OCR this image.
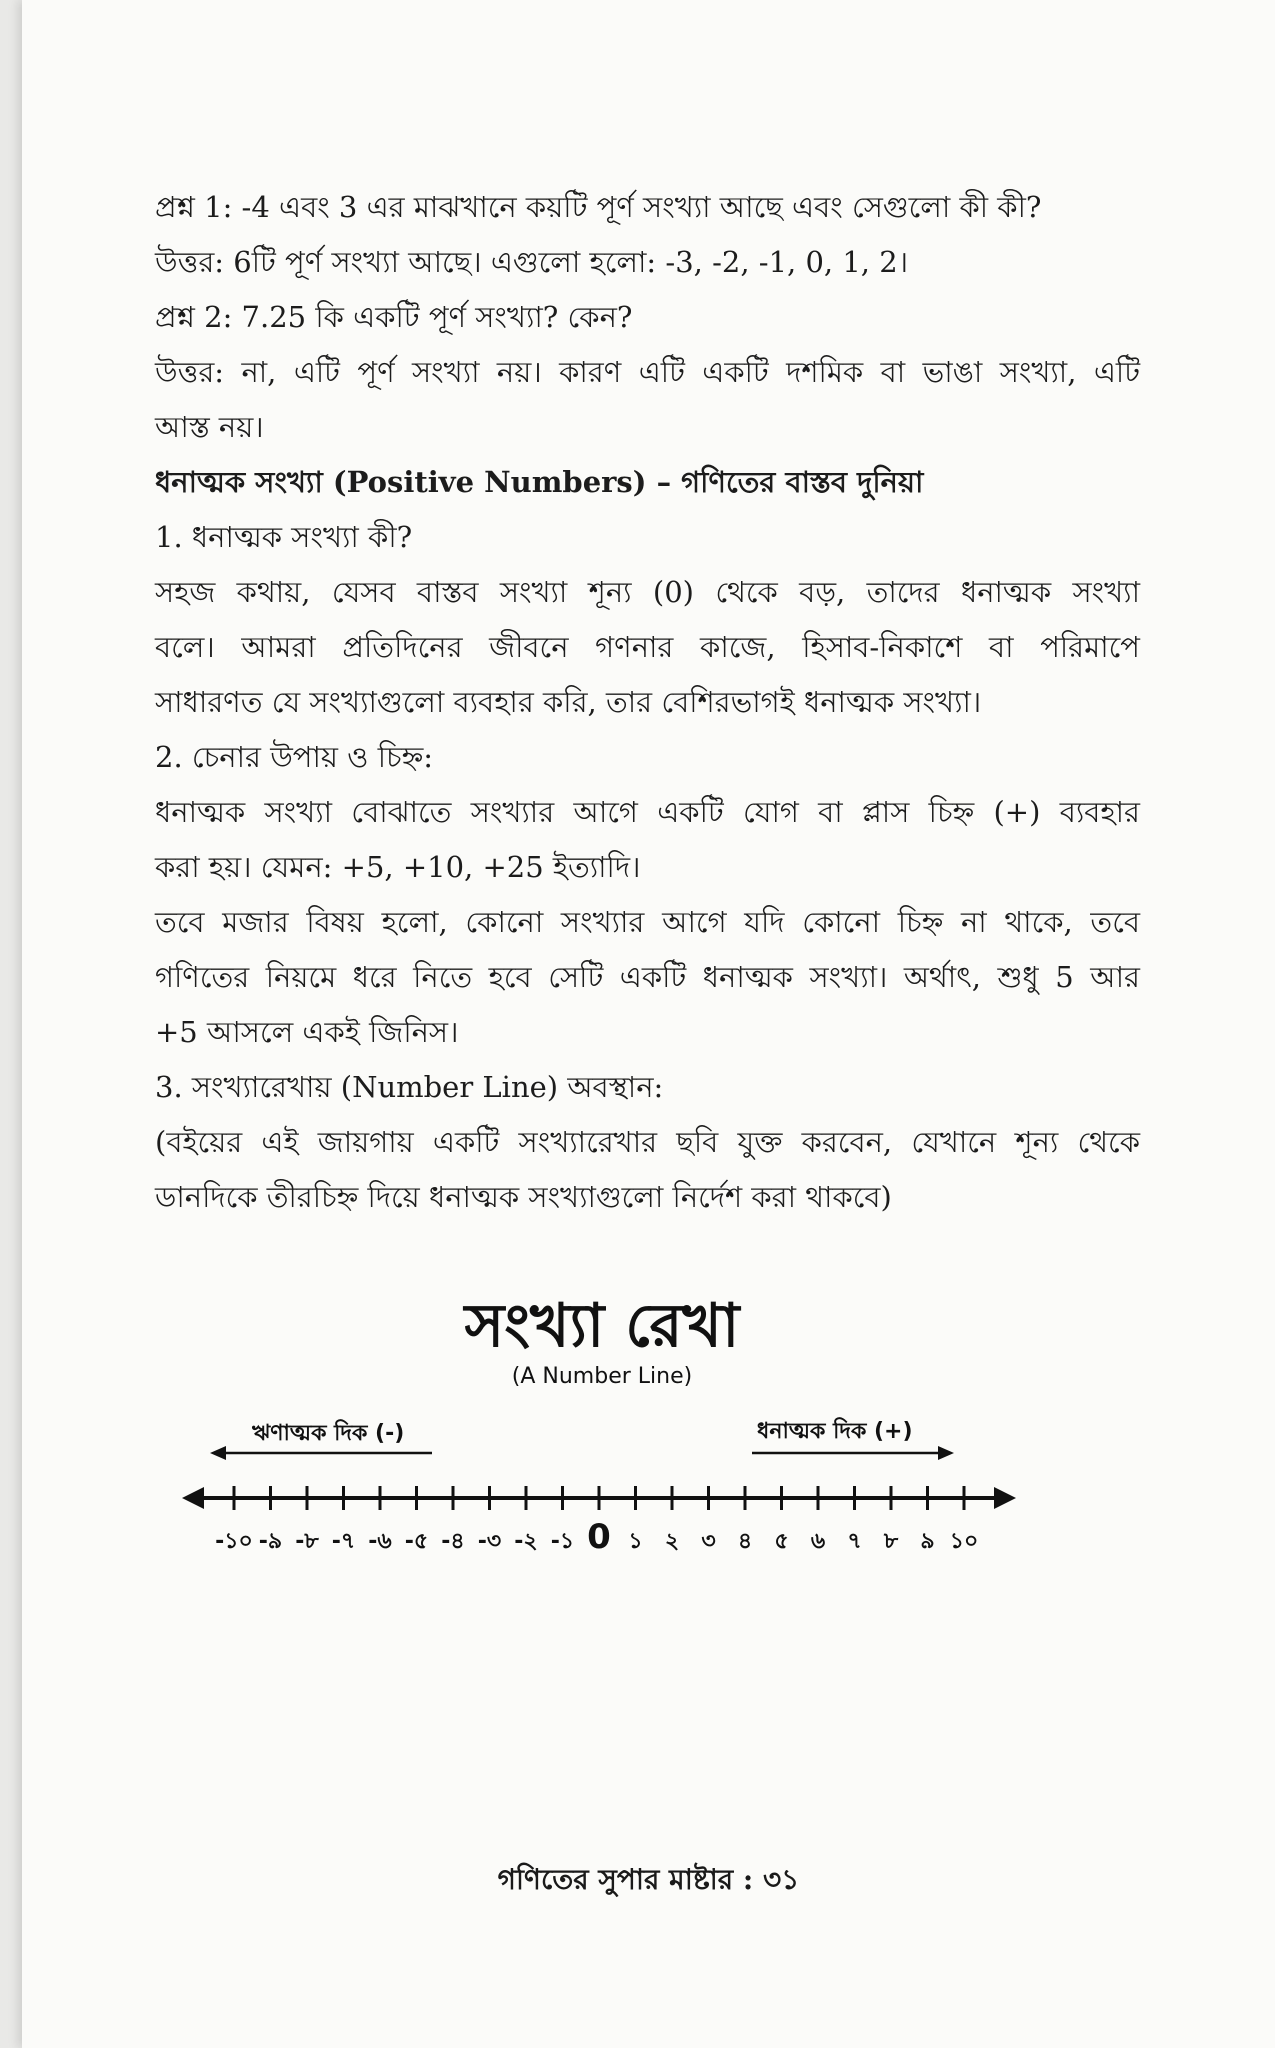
প্রশ্ন 1: -4 এবং 3 এর মাঝখানে কয়টি পূর্ণ সংখ্যা আছে এবং সেগুলো কী কী?
উত্তর: 6টি পূর্ণ সংখ্যা আছে। এগুলো হলো: -3, -2, -1, 0, 1, 2।
প্রশ্ন 2: 7.25 কি একটি পূর্ণ সংখ্যা? কেন?
উত্তর: না, এটি পূর্ণ সংখ্যা নয়। কারণ এটি একটি দশমিক বা ভাঙা সংখ্যা, এটি
আস্ত নয়।
ধনাত্মক সংখ্যা (Positive Numbers) – গণিতের বাস্তব দুনিয়া
1. ধনাত্মক সংখ্যা কী?
সহজ কথায়, যেসব বাস্তব সংখ্যা শূন্য (0) থেকে বড়, তাদের ধনাত্মক সংখ্যা
বলে। আমরা প্রতিদিনের জীবনে গণনার কাজে, হিসাব-নিকাশে বা পরিমাপে
সাধারণত যে সংখ্যাগুলো ব্যবহার করি, তার বেশিরভাগই ধনাত্মক সংখ্যা।
2. চেনার উপায় ও চিহ্ন:
ধনাত্মক সংখ্যা বোঝাতে সংখ্যার আগে একটি যোগ বা প্লাস চিহ্ন (+) ব্যবহার
করা হয়। যেমন: +5, +10, +25 ইত্যাদি।
তবে মজার বিষয় হলো, কোনো সংখ্যার আগে যদি কোনো চিহ্ন না থাকে, তবে
গণিতের নিয়মে ধরে নিতে হবে সেটি একটি ধনাত্মক সংখ্যা। অর্থাৎ, শুধু 5 আর
+5 আসলে একই জিনিস।
3. সংখ্যারেখায় (Number Line) অবস্থান:
(বইয়ের এই জায়গায় একটি সংখ্যারেখার ছবি যুক্ত করবেন, যেখানে শূন্য থেকে
ডানদিকে তীরচিহ্ন দিয়ে ধনাত্মক সংখ্যাগুলো নির্দেশ করা থাকবে)
সংখ্যা রেখা
(A Number Line)
ঋণাত্মক দিক (-)	ধনাত্মক দিক (+)
-১০ -৯ -৮ -৭ -৬ -৫ -৪ -৩ -২ -১ 0 ১ ২ ৩ ৪ ৫ ৬ ৭ ৮ ৯ ১০
গণিতের সুপার মাষ্টার : ৩১
